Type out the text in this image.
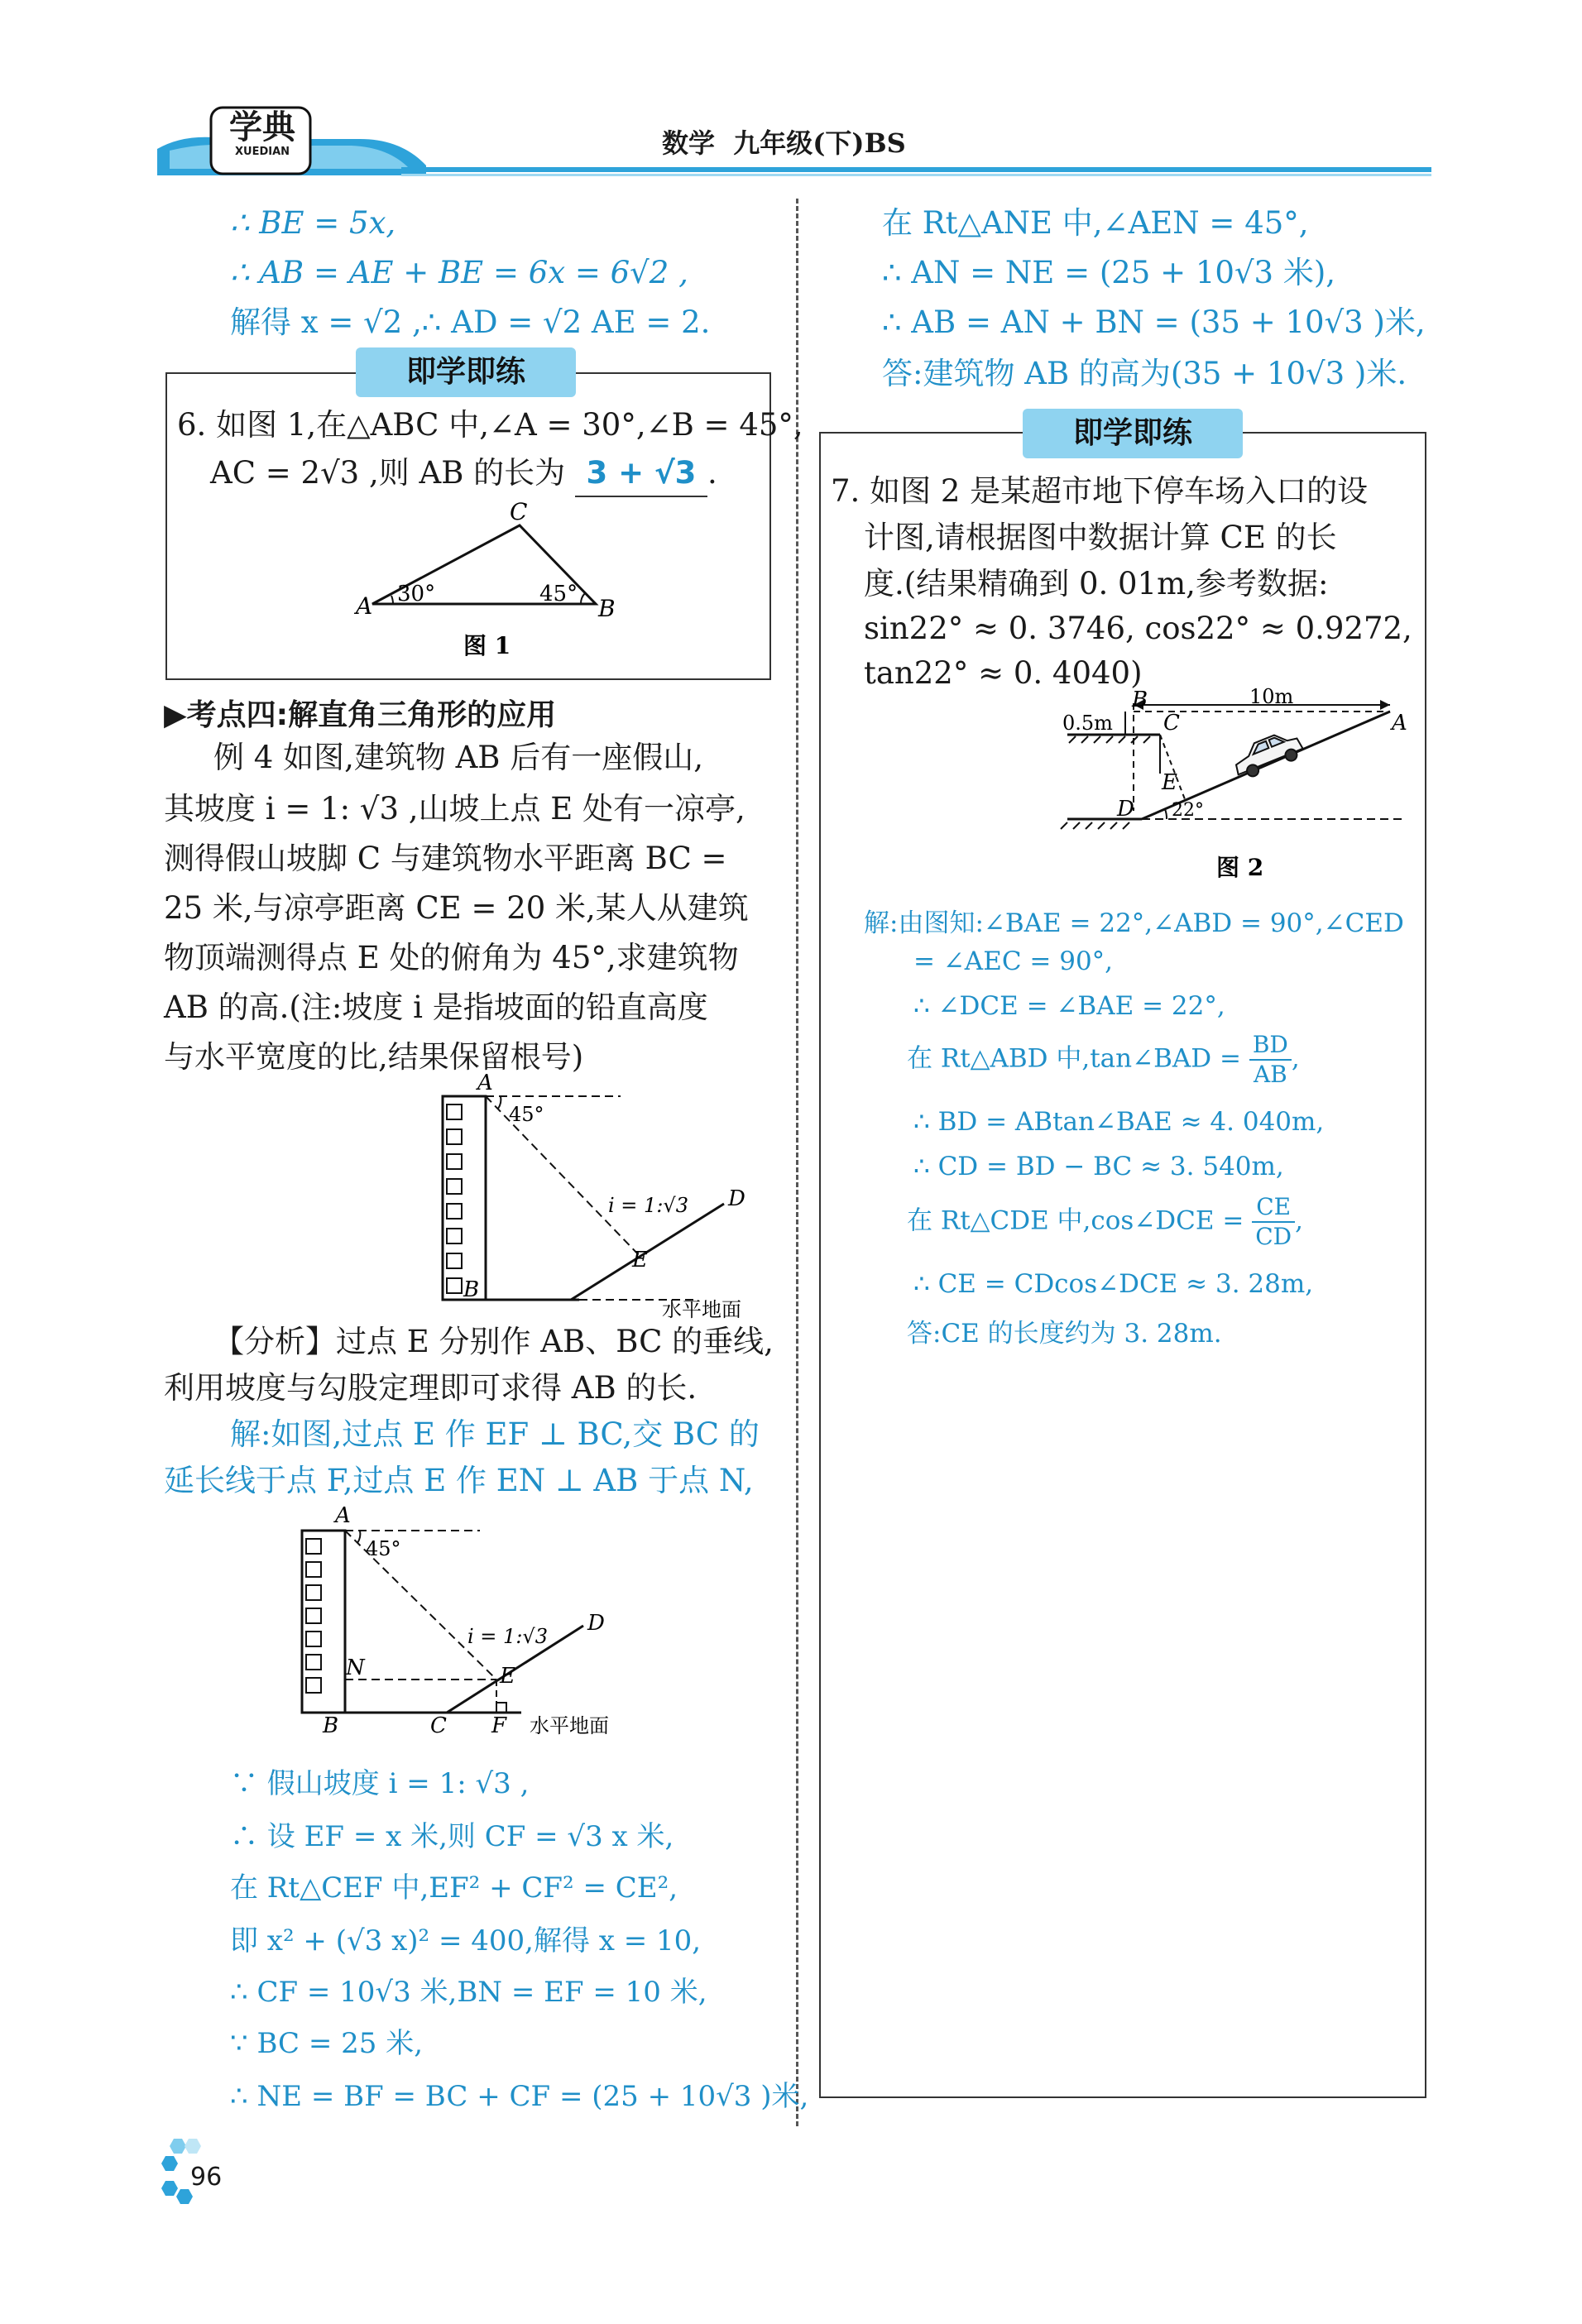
学典
XUEDIAN	数学  九年级(下)BS
∴ BE = 5x,
∴ AB = AE + BE = 6x = 6√2 ,
解得 x = √2 ,∴ AD = √2 AE = 2.
即学即练
6. 如图 1,在△ABC 中,∠A = 30°,∠B = 45°,
AC = 2√3 ,则 AB 的长为 3 + √3 .
A	B
C
30°	45°
图 1
▶考点四:解直角三角形的应用
例 4 如图,建筑物 AB 后有一座假山,
其坡度 i = 1: √3 ,山坡上点 E 处有一凉亭,
测得假山坡脚 C 与建筑物水平距离 BC =
25 米,与凉亭距离 CE = 20 米,某人从建筑
物顶端测得点 E 处的俯角为 45°,求建筑物
AB 的高.(注:坡度 i 是指坡面的铅直高度
与水平宽度的比,结果保留根号)
A
B
D
E
45°
i = 1:√3
水平地面
【分析】过点 E 分别作 AB、BC 的垂线,
利用坡度与勾股定理即可求得 AB 的长.
解:如图,过点 E 作 EF ⊥ BC,交 BC 的
延长线于点 F,过点 E 作 EN ⊥ AB 于点 N,
A
B	C
D
E
F
N
45°
i = 1:√3
水平地面
∵ 假山坡度 i = 1: √3 ,
∴ 设 EF = x 米,则 CF = √3 x 米,
在 Rt△CEF 中,EF² + CF² = CE²,
即 x² + (√3 x)² = 400,解得 x = 10,
∴ CF = 10√3 米,BN = EF = 10 米,
∵ BC = 25 米,
∴ NE = BF = BC + CF = (25 + 10√3 )米,
在 Rt△ANE 中,∠AEN = 45°,
∴ AN = NE = (25 + 10√3 米),
∴ AB = AN + BN = (35 + 10√3 )米,
答:建筑物 AB 的高为(35 + 10√3 )米.
即学即练
7. 如图 2 是某超市地下停车场入口的设
计图,请根据图中数据计算 CE 的长
度.(结果精确到 0. 01m,参考数据:
sin22° ≈ 0. 3746, cos22° ≈ 0.9272,
tan22° ≈ 0. 4040)
B
C
D
E
A
10m
0.5m
22°
图 2
解:由图知:∠BAE = 22°,∠ABD = 90°,∠CED
= ∠AEC = 90°,
∴ ∠DCE = ∠BAE = 22°,
在 Rt△ABD 中,tan∠BAD = $\frac{BD}{AB}$ ,
∴ BD = ABtan∠BAE ≈ 4. 040m,
∴ CD = BD − BC ≈ 3. 540m,
在 Rt△CDE 中,cos∠DCE = $\frac{CE}{CD}$ ,
∴ CE = CDcos∠DCE ≈ 3. 28m,
答:CE 的长度约为 3. 28m.
96
